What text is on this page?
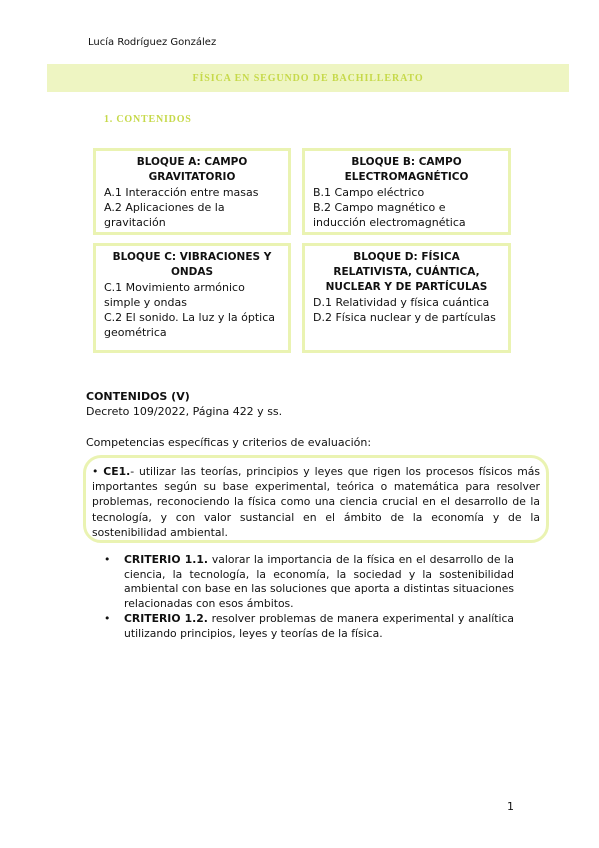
Lucía Rodríguez González
FÍSICA EN SEGUNDO DE BACHILLERATO
1. CONTENIDOS
BLOQUE A: CAMPO GRAVITATORIO
A.1 Interacción entre masas
A.2 Aplicaciones de la gravitación
BLOQUE B: CAMPO ELECTROMAGNÉTICO
B.1 Campo eléctrico
B.2 Campo magnético e inducción electromagnética
BLOQUE C: VIBRACIONES Y ONDAS
C.1 Movimiento armónico simple y ondas
C.2 El sonido. La luz y la óptica geométrica
BLOQUE D: FÍSICA RELATIVISTA, CUÁNTICA, NUCLEAR Y DE PARTÍCULAS
D.1 Relatividad y física cuántica
D.2 Física nuclear y de partículas
CONTENIDOS (V)
Decreto 109/2022, Página 422 y ss.
Competencias específicas y criterios de evaluación:
• CE1.- utilizar las teorías, principios y leyes que rigen los procesos físicos más importantes según su base experimental, teórica o matemática para resolver problemas, reconociendo la física como una ciencia crucial en el desarrollo de la tecnología, y con valor sustancial en el ámbito de la economía y de la sostenibilidad ambiental.
• CRITERIO 1.1. valorar la importancia de la física en el desarrollo de la ciencia, la tecnología, la economía, la sociedad y la sostenibilidad ambiental con base en las soluciones que aporta a distintas situaciones relacionadas con esos ámbitos.
• CRITERIO 1.2. resolver problemas de manera experimental y analítica utilizando principios, leyes y teorías de la física.
1
